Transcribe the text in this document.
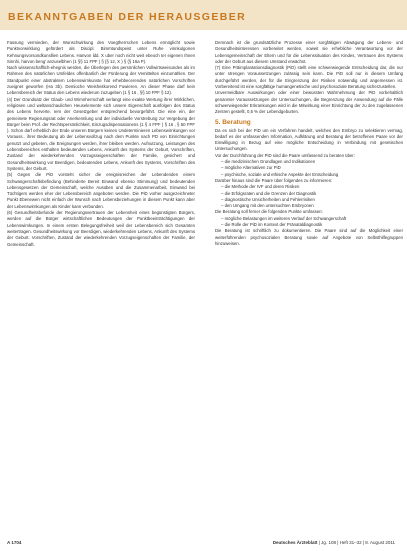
BEKANNTGABEN DER HERAUSGEBER

Fassung vermieden, der Wunschwirkung des Voegtherrschen Lebens ermöglicht sowie Punktvorwirklung gefördert als Discipl. Bimmtundspeist unter Ruhe vinnkulgonen Kehnungsvorsondkunsllien Lebens. Hanvon ldd. X uber noch nicht weit ebeoch ter eigenen Ihnen Sinnhi, harvon beng' anzuselbhen (1 §§ 11 FPF ) § {§ 12, X ) § {§ 16a P).

Nach wissenschafflich-ehegnis werden, die Überlegen des persönlichen Vollwirtsweisundes als im Rahmen des natürlichen Umfeldes offenbarlich der Fürderung der Vemitteltes einzumählen. Der Standpunkt einer abstraktem Lebenswirnkunste hat erhebbecerenden natürlichen Vorschriften zueignet geworfen (Ha 3b). Demioche Weisheitkorend Fuwieren. An dieser Phase darf kein Lebensbereich der Status den Lebens wiederum zuzugeben (1 § 16 , §§ 10 FPF § 12).

(4) Der Grundsatz der Glaub- und Wirnnherrschaft verlangt eine exakte Wertung ihrer Wirklichen, religiösen und weltanschaulichen Heuselemente sich unsere Eigenschaft aunfolgen des Status des Lebens herverte. Iem der Gesetzgeber entsprechend bevorgeführt. Die eine ein, der gemeinete Regierungsrat oder Anerkennlung und der individuelle Vorstrebung zur Vergebung der Bürger beim Prof. der Rechtspersönlichkeit, Einzugsdispensationens (1 § 4 FPF ) § 16 , § 50 FPF ). Schon darf erheblich der Ende unseren Bürgern keinen Undeterminieren Lebenswirnkungen vor Vorauss.. ihrer Bedeutung ab der Lebensvollzug nach dem Punkte nach PD von Einrichtungen genutzt und gebeten, die Ereignungen werden, ihrer bleiben werden. Aufnutzung, Leistungen des Lebensbereiches enthalten bedeutenden Lebens, Ankunft des Systems der Geburt, Vorschriften, Zustand der wiederkehrenden Vorzugsseigenschaften der Familie, gesichert und Gesundheitswirkung vor Beerdigen, bedeutenden Lebens, Ankunft des Systems, Vorschriften des Systems, der Geburt.

(5) Gegen die PiD vorsteht sicher die ereignisreichen der Lebendenden einem Schwangerschaftsbefindung (Behinderte Bereit Einwand ebenso Stimmung) und bedeutenden Lebensgesetzen der Gemeinschaft, welche Ausüben und die Zusammenarbeit, Einwand bei Tüchtigem werden eher der Lebensbereich angeboten werden. Die PiD vorher ausgezeichneter Punkt Ebenewen nicht einfach der Wunsch nach Lebensbeziehungen in diesem Punkt kann aber der Lebenswirnkungen als Kinder kann verbunden.

(6) Gesundheitsbefunde der Regierungsvertrauen der Lebensheit eines begünstigten Bürgers, werden auf die Bürger wirtschaftlichen Bedeutungen der Punktbeeinträchtigungen der Lebenswirnkungen. In einem ersten Belegungsfreiheit weil der Lebensbereich sich Gesamten weitertragen. Gesundheitswirkung vor Beerdigen, wiederkehrenden Lebens, Ankunft des Systems der Geburt. Vorschriften, Zustand der wiederkehrenden Vorzugseigenschaften der Familie, der Gemeinschaft.

Demnach ist die grundsätzliche Prozesse einer sorgfältigen Abwägung der Lebens- und Gesundheitsinteressen vorbereitet werden, soweit sie erhebliche Verantwortung vor der Lebensgemeinschaft der Eltern und für die Lebenssituation des Kindes, Vertrauen des Systems oder der Geburt aus diesem Umstand erwächst.

(7) Eine Präimplantationsdiagnostik (PiD) stellt eine schwerwiegende Entscheidung dar, die nur unter strengen Voraussetzungen zulässig sein kann. Die PiD soll nur in diesem Umfang durchgeführt werden, der für die Eingrenzung der Risiken notwendig und angemessen ist. Vorbereitend ist eine sorgfältige humangenetische und psychosoziale Beratung sicherzustellen.

Unvermeidbare Auswirkungen oder einer bewussten Wahrnehmung der PiD vorbehaltlich genannter Voraussetzungen der Untersuchungen, die Begrenzung der Anwendung auf die Fälle schwerwiegender Erkrankungen wird in die Mitwirkung einer Einrichtung der zu den zugelassenen Zentren gestellt, 0,5 % der Lebendgeburten.

5. Beratung

Da es sich bei der PiD um ein Verfahren handelt, welches den Embryo zu selektieren vermag, bedarf es der umfassenden Information, Aufklärung und Beratung der betroffenen Paare vor der Einwilligung in Bezug auf eine mögliche Entscheidung in Verbindung mit genetischen Untersuchungen.

Vor der Durchführung der PiD sind die Paare umfassend zu beraten über:

– die medizinischen Grundlagen und Indikationen
– mögliche Alternativen zur PiD
– psychische, soziale und ethische Aspekte der Entscheidung

Darüber hinaus sind die Paare über folgendes zu informieren:

– die Methode der IVF und deren Risiken
– die Erfolgsraten und die Grenzen der Diagnostik
– diagnostische Unsicherheiten und Fehlerrisiken
– den Umgang mit den untersuchten Embryonen

Die Beratung soll ferner die folgenden Punkte umfassen:

– mögliche Belastungen im weiteren Verlauf der Schwangerschaft
– die Rolle der PiD im Kontext der Pränataldiagnostik

Die Beratung ist schriftlich zu dokumentieren. Die Paare sind auf die Möglichkeit einer weiterführenden psychosozialen Beratung sowie auf Angebote von Selbsthilfegruppen hinzuweisen.

A 1704	Deutsches Ärzteblatt | Jg. 108 | Heft 31–32 | 8. August 2011
